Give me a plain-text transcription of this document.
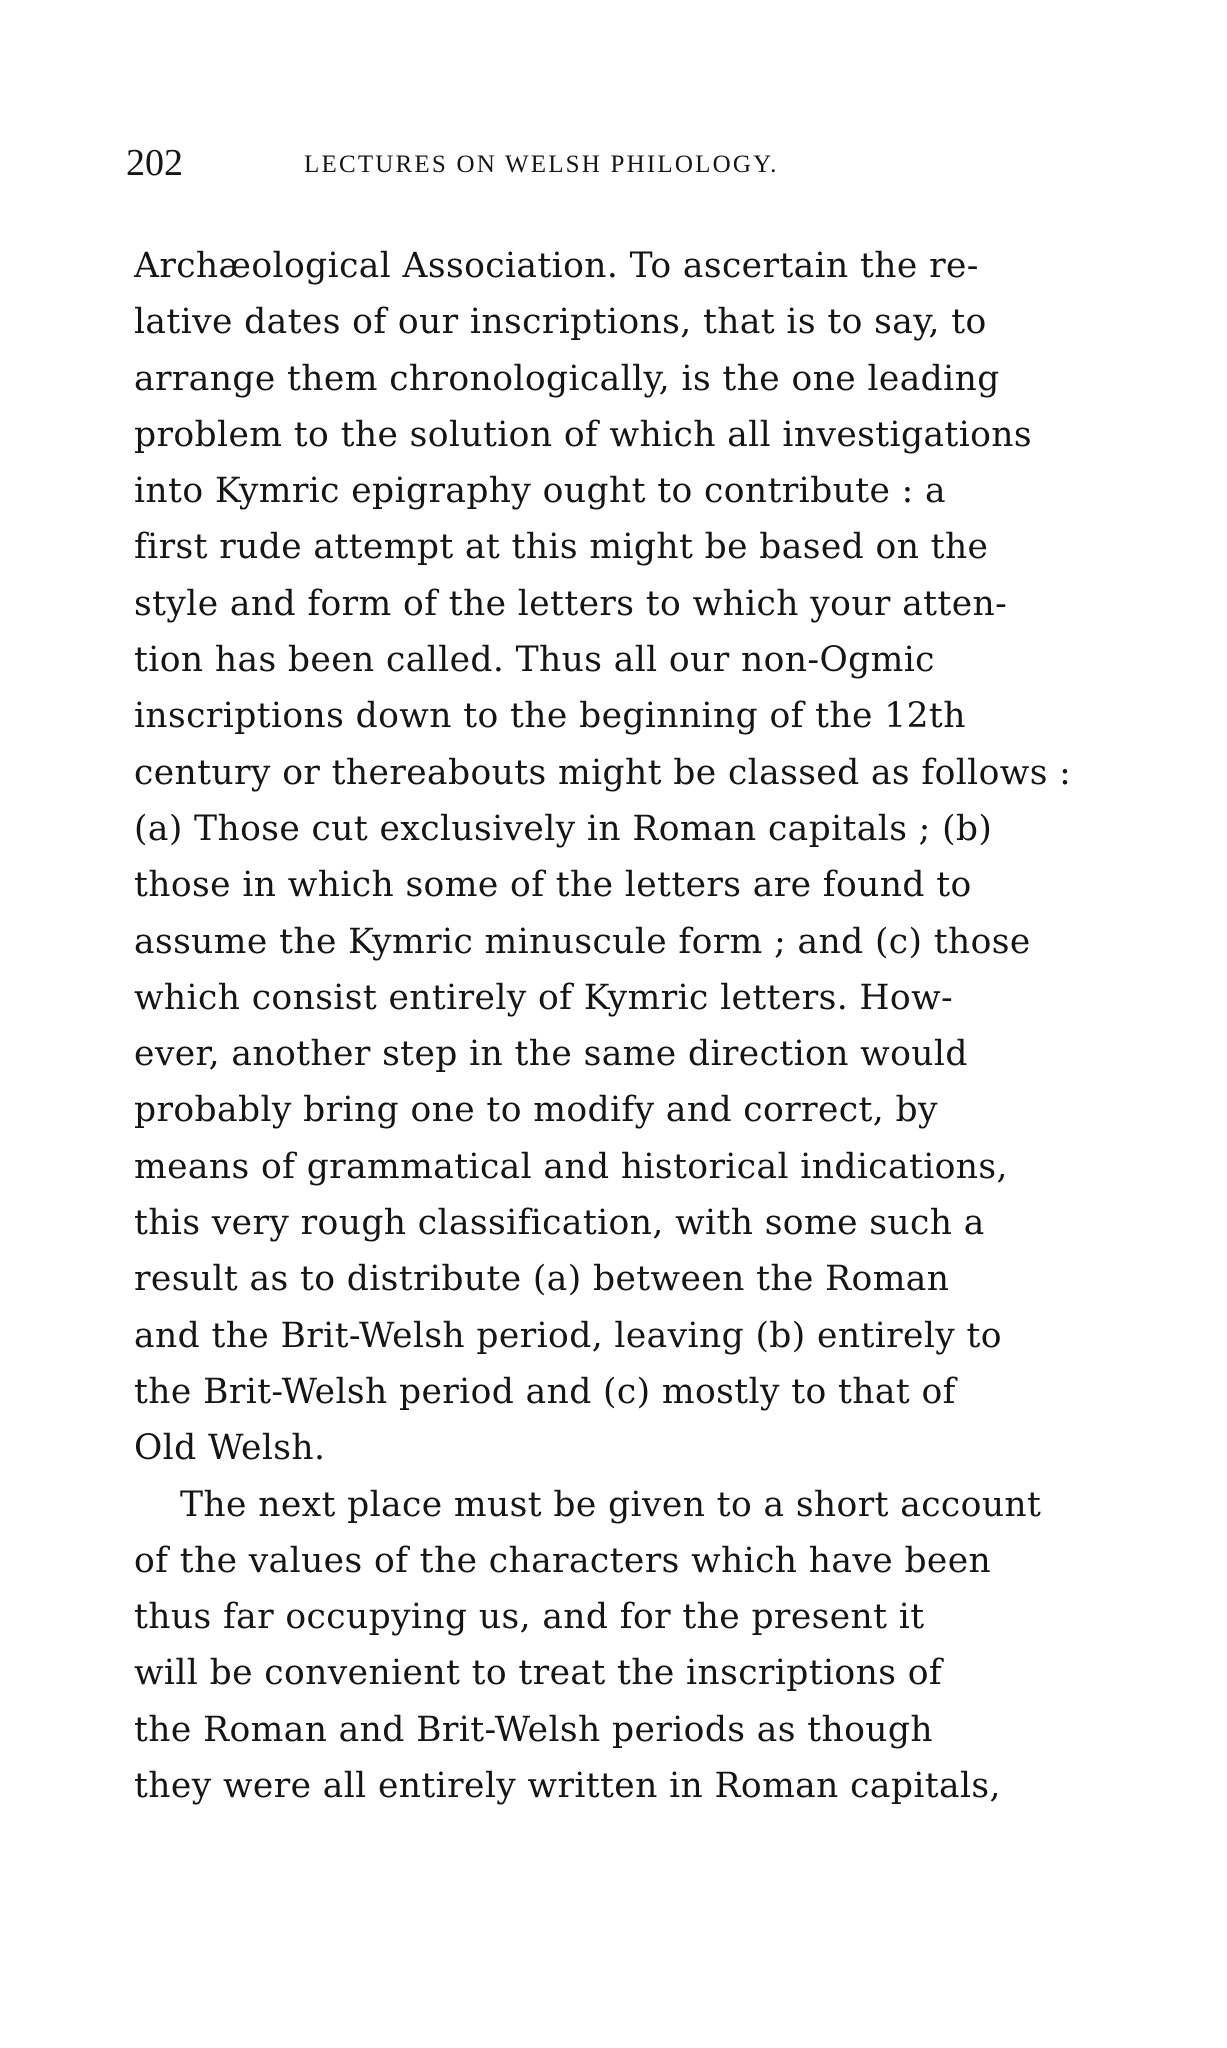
202	LECTURES ON WELSH PHILOLOGY.
Archæological Association. To ascertain the re-
lative dates of our inscriptions, that is to say, to
arrange them chronologically, is the one leading
problem to the solution of which all investigations
into Kymric epigraphy ought to contribute : a
first rude attempt at this might be based on the
style and form of the letters to which your atten-
tion has been called. Thus all our non-Ogmic
inscriptions down to the beginning of the 12th
century or thereabouts might be classed as follows :
(a) Those cut exclusively in Roman capitals ; (b)
those in which some of the letters are found to
assume the Kymric minuscule form ; and (c) those
which consist entirely of Kymric letters. How-
ever, another step in the same direction would
probably bring one to modify and correct, by
means of grammatical and historical indications,
this very rough classification, with some such a
result as to distribute (a) between the Roman
and the Brit-Welsh period, leaving (b) entirely to
the Brit-Welsh period and (c) mostly to that of
Old Welsh.
The next place must be given to a short account
of the values of the characters which have been
thus far occupying us, and for the present it
will be convenient to treat the inscriptions of
the Roman and Brit-Welsh periods as though
they were all entirely written in Roman capitals,
